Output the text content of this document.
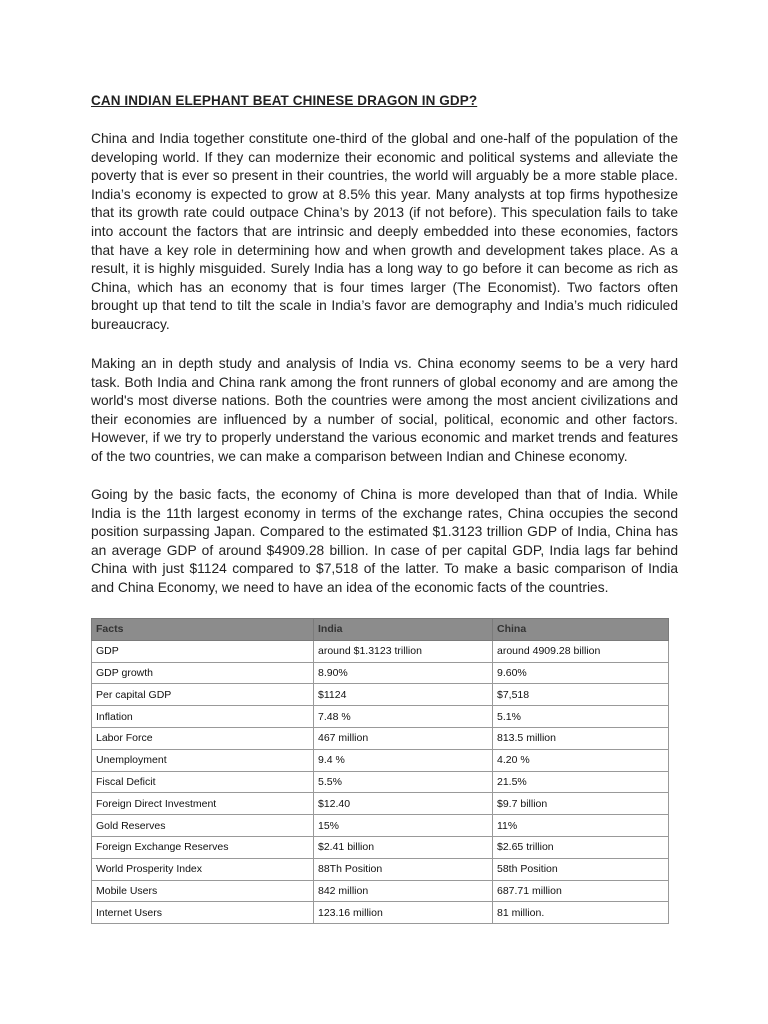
CAN INDIAN ELEPHANT BEAT CHINESE DRAGON IN GDP?

China and India together constitute one-third of the global and one-half of the population of the developing world. If they can modernize their economic and political systems and alleviate the poverty that is ever so present in their countries, the world will arguably be a more stable place. India’s economy is expected to grow at 8.5% this year. Many analysts at top firms hypothesize that its growth rate could outpace China’s by 2013 (if not before). This speculation fails to take into account the factors that are intrinsic and deeply embedded into these economies, factors that have a key role in determining how and when growth and development takes place. As a result, it is highly misguided. Surely India has a long way to go before it can become as rich as China, which has an economy that is four times larger (The Economist). Two factors often brought up that tend to tilt the scale in India’s favor are demography and India’s much ridiculed bureaucracy.

Making an in depth study and analysis of India vs. China economy seems to be a very hard task. Both India and China rank among the front runners of global economy and are among the world's most diverse nations. Both the countries were among the most ancient civilizations and their economies are influenced by a number of social, political, economic and other factors. However, if we try to properly understand the various economic and market trends and features of the two countries, we can make a comparison between Indian and Chinese economy.

Going by the basic facts, the economy of China is more developed than that of India. While India is the 11th largest economy in terms of the exchange rates, China occupies the second position surpassing Japan. Compared to the estimated $1.3123 trillion GDP of India, China has an average GDP of around $4909.28 billion. In case of per capital GDP, India lags far behind China with just $1124 compared to $7,518 of the latter. To make a basic comparison of India and China Economy, we need to have an idea of the economic facts of the countries.

Facts	India	China
GDP	around $1.3123 trillion	around 4909.28 billion
GDP growth	8.90%	9.60%
Per capital GDP	$1124	$7,518
Inflation	7.48 %	5.1%
Labor Force	467 million	813.5 million
Unemployment	9.4 %	4.20 %
Fiscal Deficit	5.5%	21.5%
Foreign Direct Investment	$12.40	$9.7 billion
Gold Reserves	15%	11%
Foreign Exchange Reserves	$2.41 billion	$2.65 trillion
World Prosperity Index	88Th Position	58th Position
Mobile Users	842 million	687.71 million
Internet Users	123.16 million	81 million.
